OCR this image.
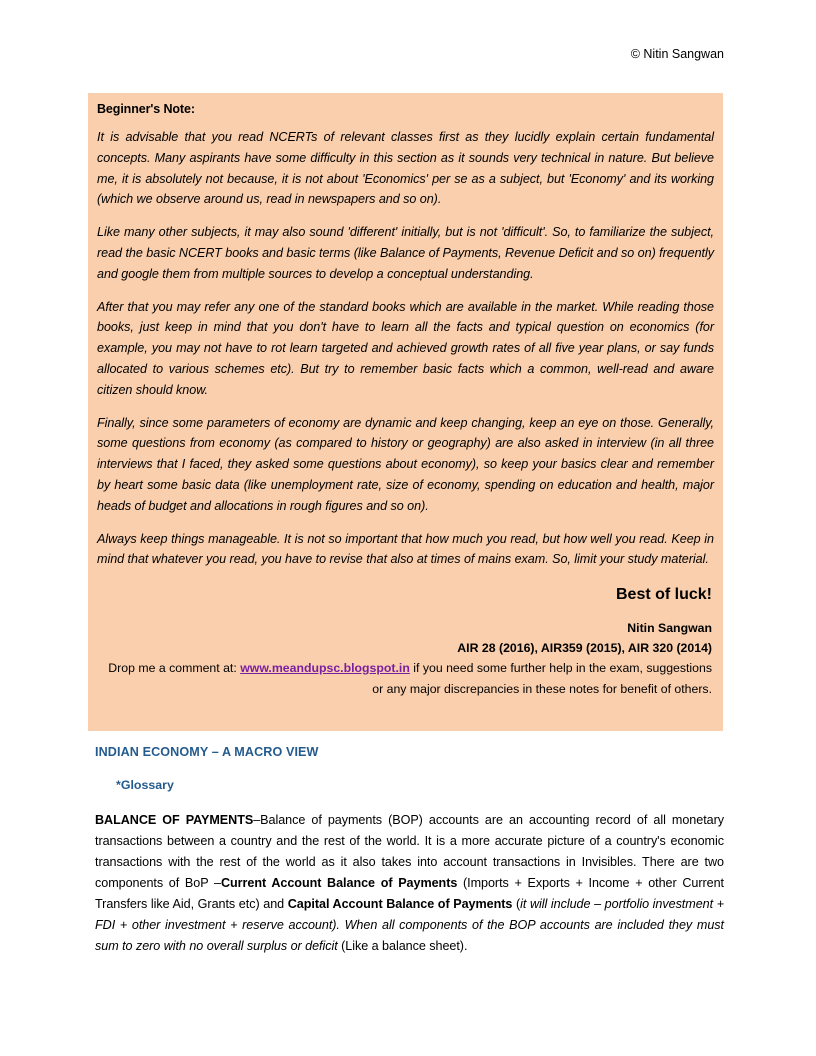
© Nitin Sangwan
Beginner's Note:

It is advisable that you read NCERTs of relevant classes first as they lucidly explain certain fundamental concepts. Many aspirants have some difficulty in this section as it sounds very technical in nature. But believe me, it is absolutely not because, it is not about 'Economics' per se as a subject, but 'Economy' and its working (which we observe around us, read in newspapers and so on).

Like many other subjects, it may also sound 'different' initially, but is not 'difficult'. So, to familiarize the subject, read the basic NCERT books and basic terms (like Balance of Payments, Revenue Deficit and so on) frequently and google them from multiple sources to develop a conceptual understanding.

After that you may refer any one of the standard books which are available in the market. While reading those books, just keep in mind that you don't have to learn all the facts and typical question on economics (for example, you may not have to rot learn targeted and achieved growth rates of all five year plans, or say funds allocated to various schemes etc). But try to remember basic facts which a common, well-read and aware citizen should know.

Finally, since some parameters of economy are dynamic and keep changing, keep an eye on those. Generally, some questions from economy (as compared to history or geography) are also asked in interview (in all three interviews that I faced, they asked some questions about economy), so keep your basics clear and remember by heart some basic data (like unemployment rate, size of economy, spending on education and health, major heads of budget and allocations in rough figures and so on).

Always keep things manageable. It is not so important that how much you read, but how well you read. Keep in mind that whatever you read, you have to revise that also at times of mains exam. So, limit your study material.

Best of luck!
Nitin Sangwan
AIR 28 (2016), AIR359 (2015), AIR 320 (2014)
Drop me a comment at: www.meandupsc.blogspot.in if you need some further help in the exam, suggestions or any major discrepancies in these notes for benefit of others.
INDIAN ECONOMY – A MACRO VIEW
*Glossary

BALANCE OF PAYMENTS–Balance of payments (BOP) accounts are an accounting record of all monetary transactions between a country and the rest of the world. It is a more accurate picture of a country's economic transactions with the rest of the world as it also takes into account transactions in Invisibles. There are two components of BoP –Current Account Balance of Payments (Imports + Exports + Income + other Current Transfers like Aid, Grants etc) and Capital Account Balance of Payments (it will include – portfolio investment + FDI + other investment + reserve account). When all components of the BOP accounts are included they must sum to zero with no overall surplus or deficit (Like a balance sheet).
